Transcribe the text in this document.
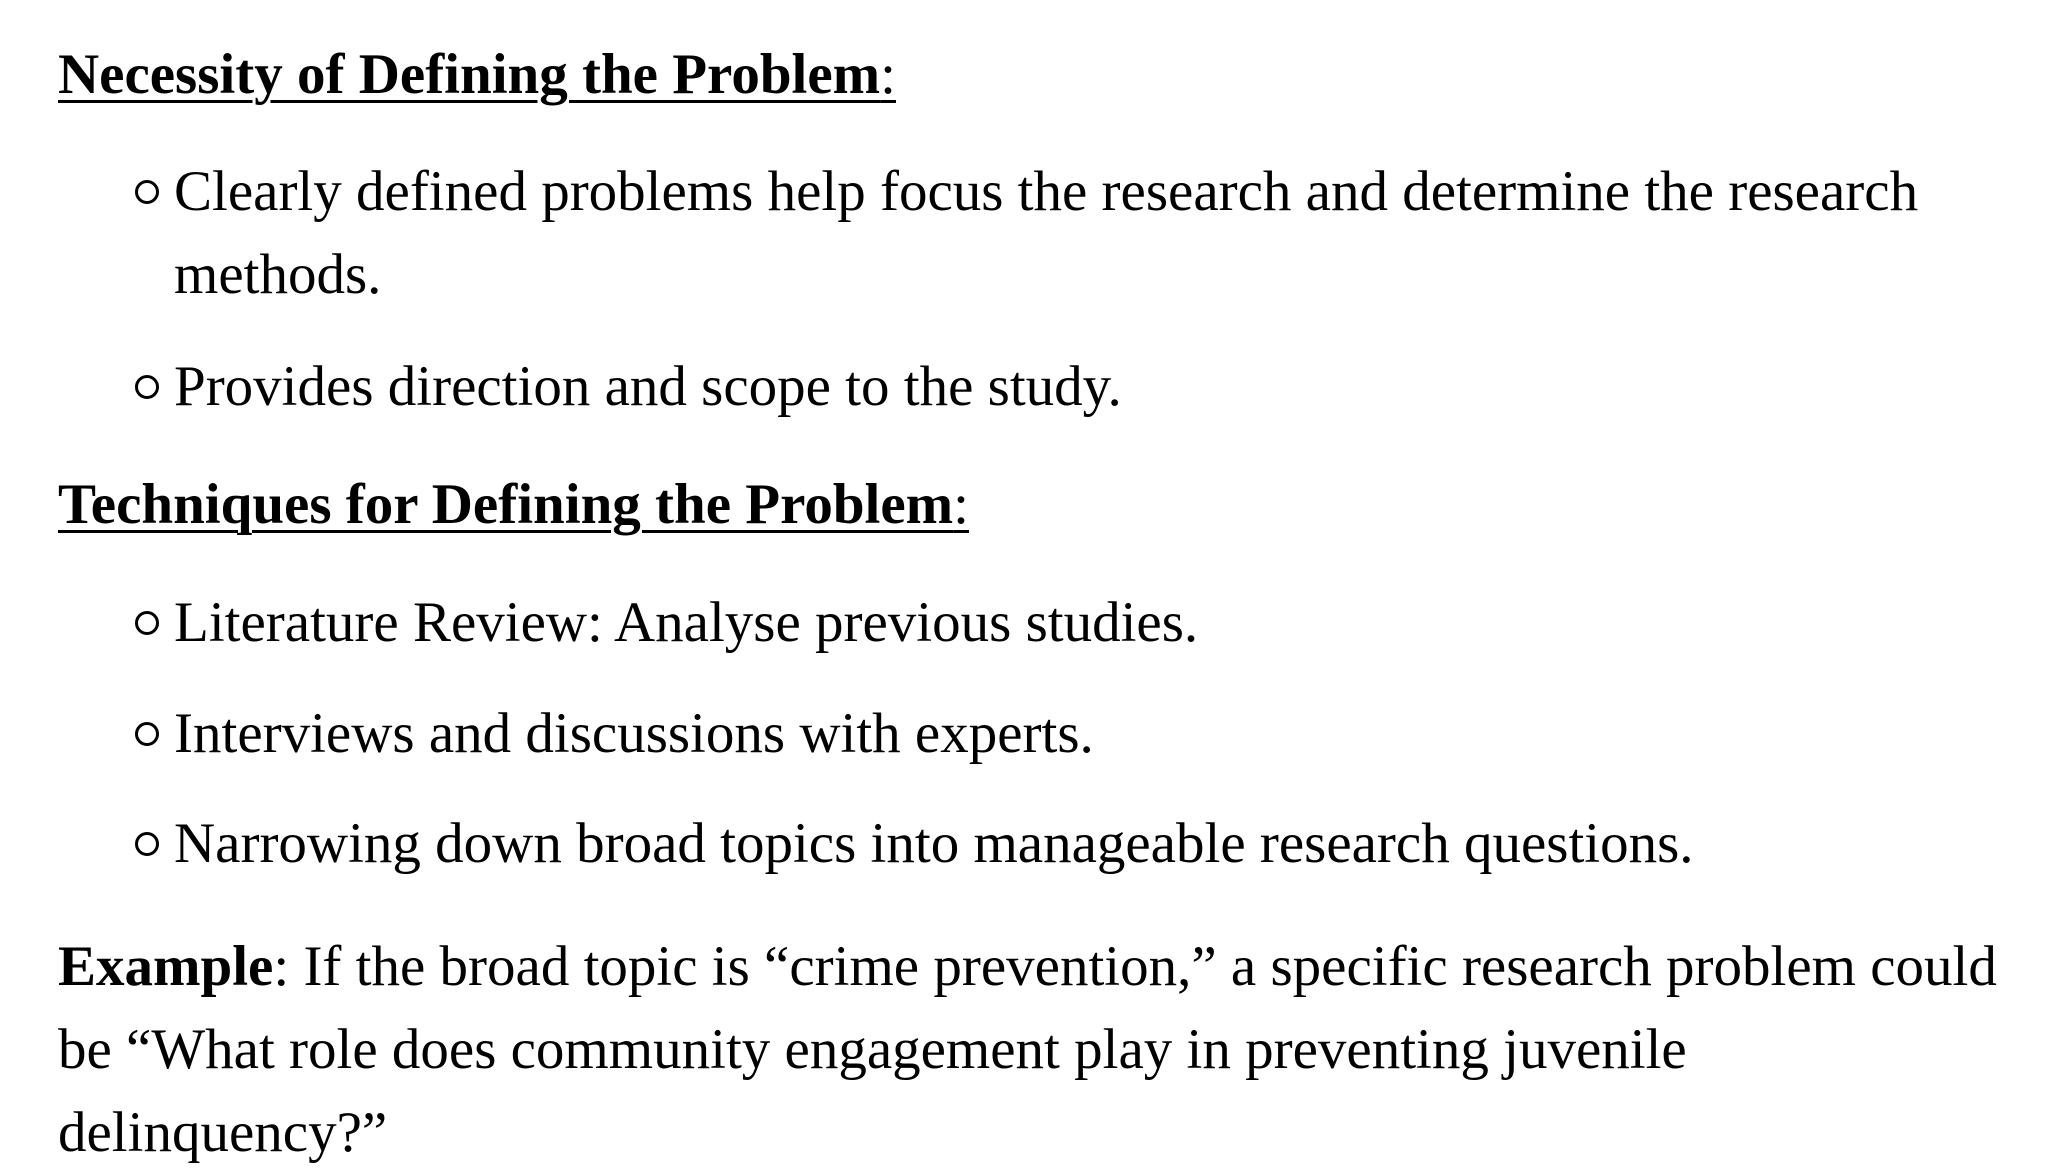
Necessity of Defining the Problem:
Clearly defined problems help focus the research and determine the research methods.
Provides direction and scope to the study.
Techniques for Defining the Problem:
Literature Review: Analyse previous studies.
Interviews and discussions with experts.
Narrowing down broad topics into manageable research questions.
Example: If the broad topic is “crime prevention,” a specific research problem could be “What role does community engagement play in preventing juvenile delinquency?”
